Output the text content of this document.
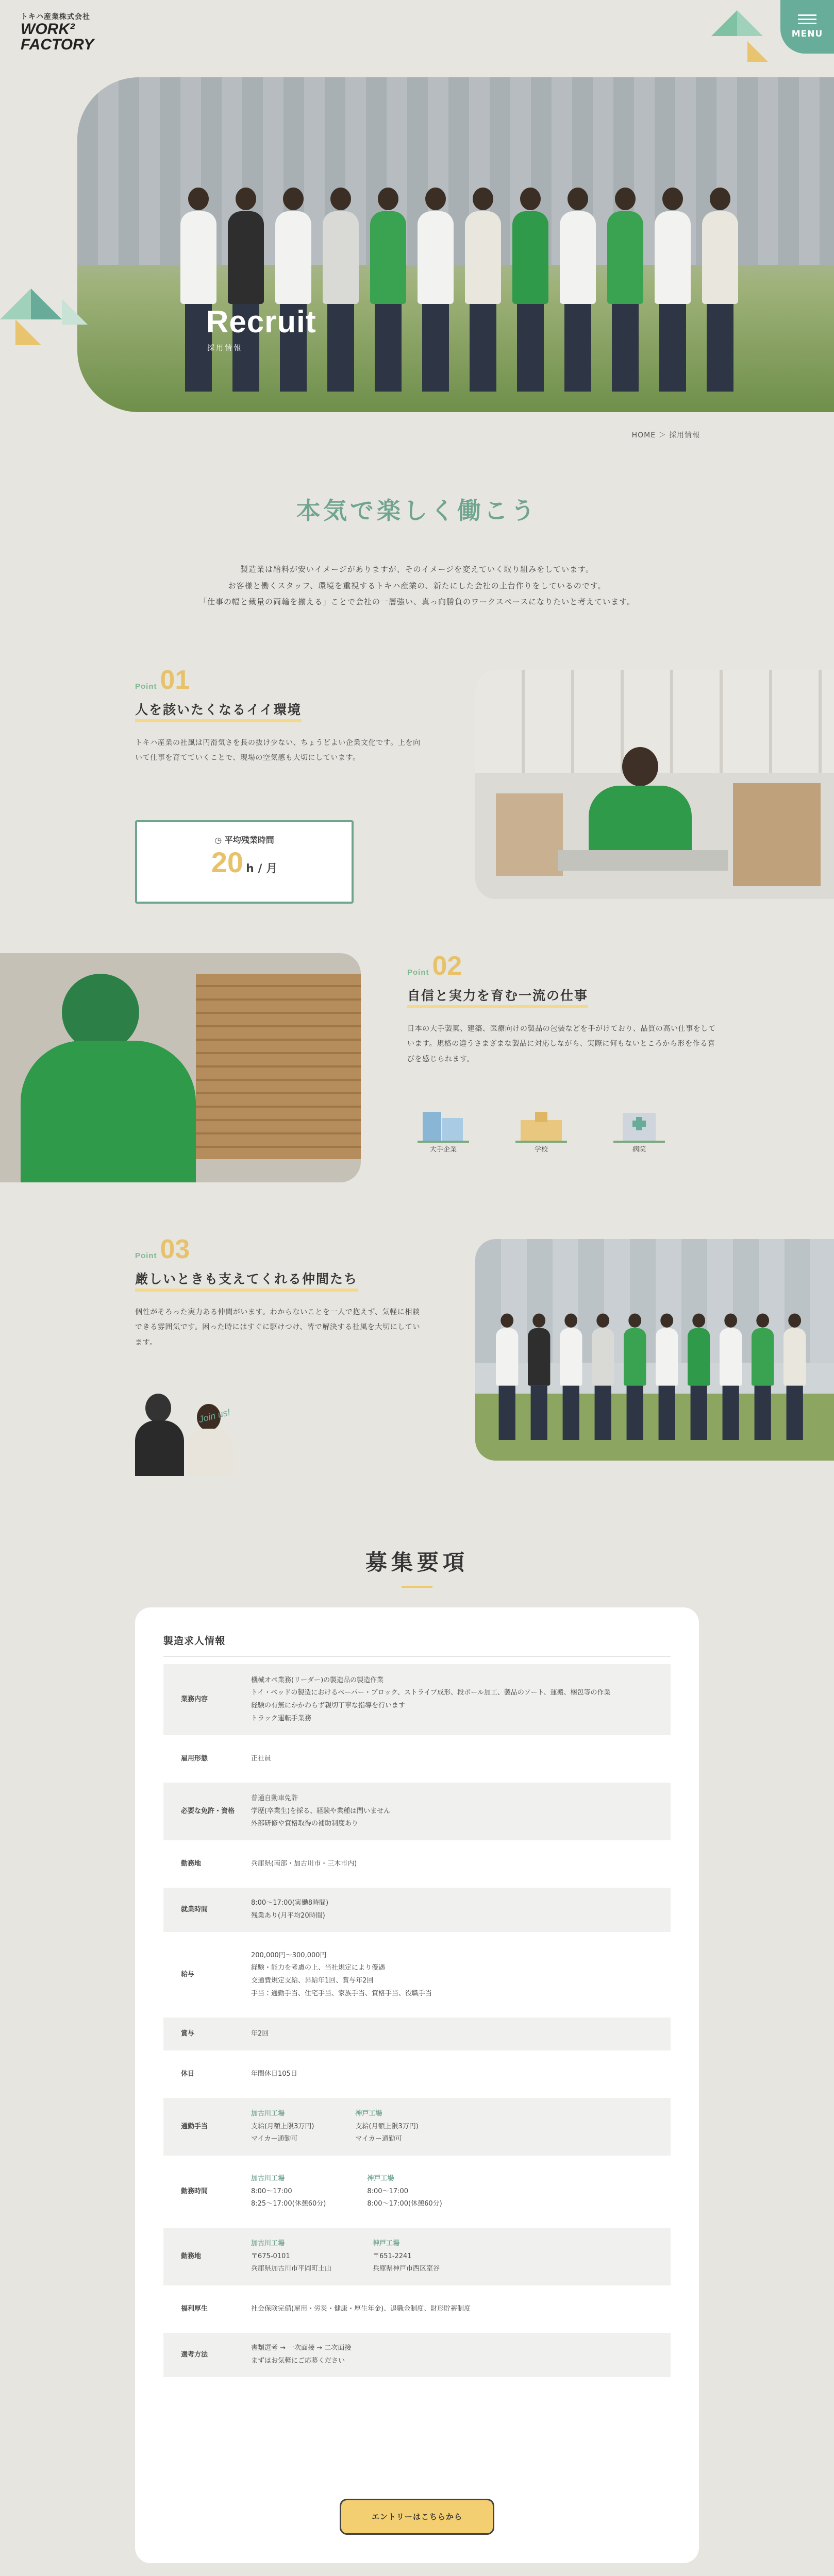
トキハ産業株式会社
WORK²
FACTORY
MENU
Recruit
採用情報
HOME ＞ 採用情報
本気で楽しく働こう
製造業は給料が安いイメージがありますが、そのイメージを変えていく取り組みをしています。
お客様と働くスタッフ、環境を重視するトキハ産業の、新たにした会社の土台作りをしているのです。
「仕事の幅と裁量の両輪を揃える」ことで会社の一層強い、真っ向勝負のワークスペースになりたいと考えています。
Point 01
人を該いたくなるイイ環境

トキハ産業の社風は円滑気さを長の抜け少ない、ちょうどよい企業文化です。上を向いて仕事を育てていくことで、現場の空気感も大切にしています。

◷ 平均残業時間
20 h / 月
Point 02
自信と実力を育む一流の仕事

日本の大手製菓、建築、医療向けの製品の包装などを手がけており、品質の高い仕事をしています。規格の違うさまざまな製品に対応しながら、実際に何もないところから形を作る喜びを感じられます。

大手企業	学校	病院
Point 03
厳しいときも支えてくれる仲間たち

個性がそろった実力ある仲間がいます。わからないことを一人で抱えず、気軽に相談できる雰囲気です。困った時にはすぐに駆けつけ、皆で解決する社風を大切にしています。

Join us!
募集要項
製造求人情報
業務内容
機械オペ業務(リーダー)の製造品の製造作業
トイ・ベッドの製造におけるペーパー・ブロック、ストライプ成形、段ボール加工、製品のソート、運搬、梱包等の作業
経験の有無にかかわらず親切丁寧な指導を行います
トラック運転手業務
雇用形態	正社員
必要な免許・資格
普通自動車免許
学歴(卒業生)を採る、経験や業種は問いません
外部研修や資格取得の補助制度あり
勤務地	兵庫県(南部・加古川市・三木市内)
就業時間
8:00〜17:00(実働8時間)
残業あり(月平均20時間)
給与
200,000円〜300,000円
経験・能力を考慮の上、当社規定により優遇
交通費規定支給、昇給年1回、賞与年2回
手当：通勤手当、住宅手当、家族手当、資格手当、役職手当
賞与	年2回
休日	年間休日105日
通勤手当
加古川工場
支給(月額上限3万円)
マイカー通勤可
神戸工場
支給(月額上限3万円)
マイカー通勤可
勤務時間
加古川工場
8:00〜17:00
8:25〜17:00(休憩60分)
神戸工場
8:00〜17:00
8:00〜17:00(休憩60分)
勤務地
加古川工場
〒675-0101
兵庫県加古川市平岡町土山
神戸工場
〒651-2241
兵庫県神戸市西区室谷
福利厚生	社会保険完備(雇用・労災・健康・厚生年金)、退職金制度、財形貯蓄制度
選考方法
書類選考 → 一次面接 → 二次面接
まずはお気軽にご応募ください
エントリーはこちらから
